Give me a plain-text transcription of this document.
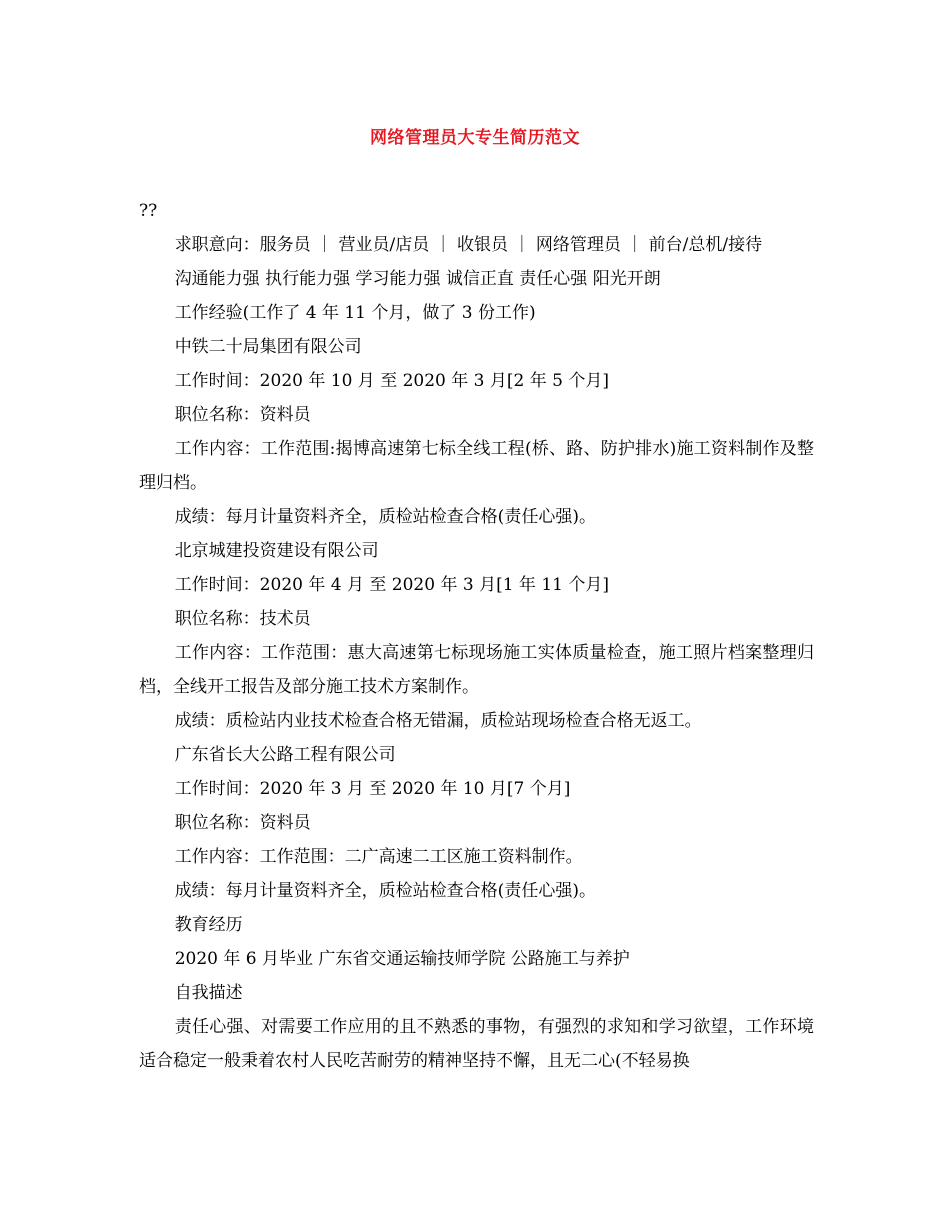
网络管理员大专生简历范文

??

求职意向：服务员 ｜ 营业员/店员 ｜ 收银员 ｜ 网络管理员 ｜ 前台/总机/接待

沟通能力强 执行能力强 学习能力强 诚信正直 责任心强 阳光开朗

工作经验(工作了 4 年 11 个月，做了 3 份工作)

中铁二十局集团有限公司

工作时间：2020 年 10 月 至 2020 年 3 月[2 年 5 个月]

职位名称：资料员

工作内容：工作范围:揭博高速第七标全线工程(桥、路、防护排水)施工资料制作及整理归档。

成绩：每月计量资料齐全，质检站检查合格(责任心强)。

北京城建投资建设有限公司

工作时间：2020 年 4 月 至 2020 年 3 月[1 年 11 个月]

职位名称：技术员

工作内容：工作范围：惠大高速第七标现场施工实体质量检查，施工照片档案整理归档，全线开工报告及部分施工技术方案制作。

成绩：质检站内业技术检查合格无错漏，质检站现场检查合格无返工。

广东省长大公路工程有限公司

工作时间：2020 年 3 月 至 2020 年 10 月[7 个月]

职位名称：资料员

工作内容：工作范围：二广高速二工区施工资料制作。

成绩：每月计量资料齐全，质检站检查合格(责任心强)。

教育经历

2020 年 6 月毕业 广东省交通运输技师学院 公路施工与养护

自我描述

责任心强、对需要工作应用的且不熟悉的事物，有强烈的求知和学习欲望，工作环境适合稳定一般秉着农村人民吃苦耐劳的精神坚持不懈，且无二心(不轻易换
